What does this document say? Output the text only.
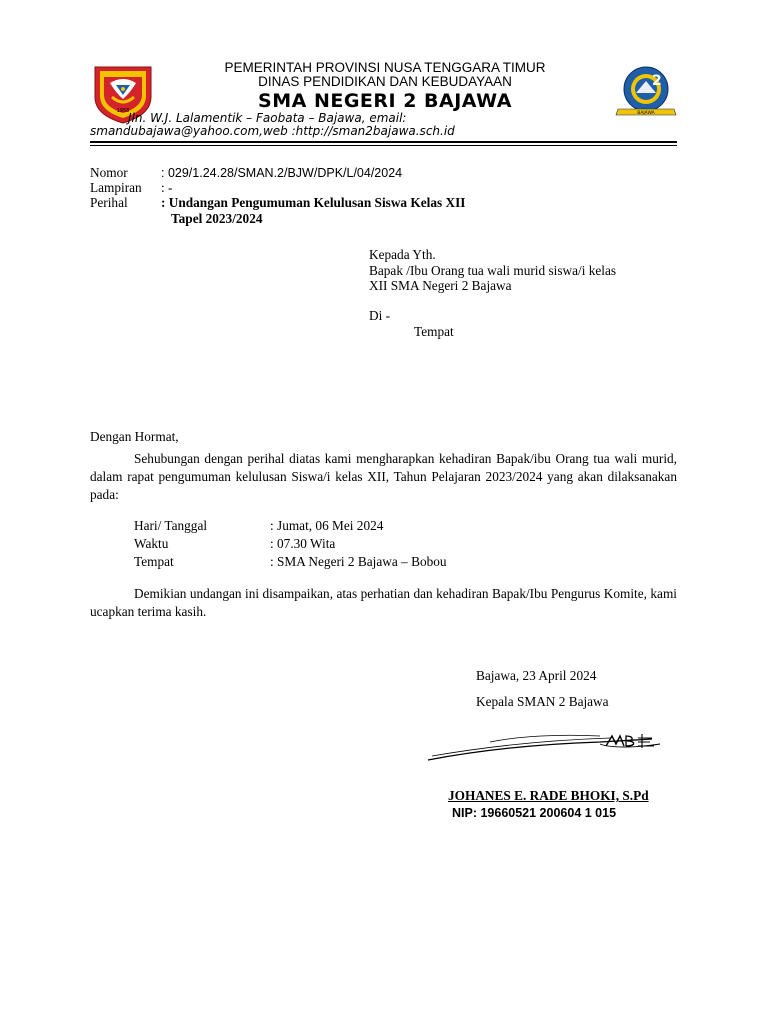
1958
2
BAJAWA
PEMERINTAH PROVINSI NUSA TENGGARA TIMUR
DINAS PENDIDIKAN DAN KEBUDAYAAN
SMA NEGERI 2 BAJAWA
Jln. W.J. Lalamentik – Faobata – Bajawa, email:
smandubajawa@yahoo.com,web :http://sman2bajawa.sch.id
Nomor	: 029/1.24.28/SMAN.2/BJW/DPK/L/04/2024
Lampiran : -
Perihal	: Undangan Pengumuman Kelulusan Siswa Kelas XII
Tapel 2023/2024
Kepada Yth.
Bapak /Ibu Orang tua wali murid siswa/i kelas
XII SMA Negeri 2 Bajawa
Di -
Tempat
Dengan Hormat,
Sehubungan dengan perihal diatas kami mengharapkan kehadiran Bapak/ibu Orang tua wali murid, dalam rapat pengumuman kelulusan Siswa/i kelas XII, Tahun Pelajaran 2023/2024 yang akan dilaksanakan pada:
Hari/ Tanggal	: Jumat, 06 Mei 2024
Waktu	: 07.30 Wita
Tempat	: SMA Negeri 2 Bajawa – Bobou
Demikian undangan ini disampaikan, atas perhatian dan kehadiran Bapak/Ibu Pengurus Komite, kami ucapkan terima kasih.
Bajawa, 23 April 2024
Kepala SMAN 2 Bajawa
JOHANES E. RADE BHOKI, S.Pd
NIP: 19660521 200604 1 015
